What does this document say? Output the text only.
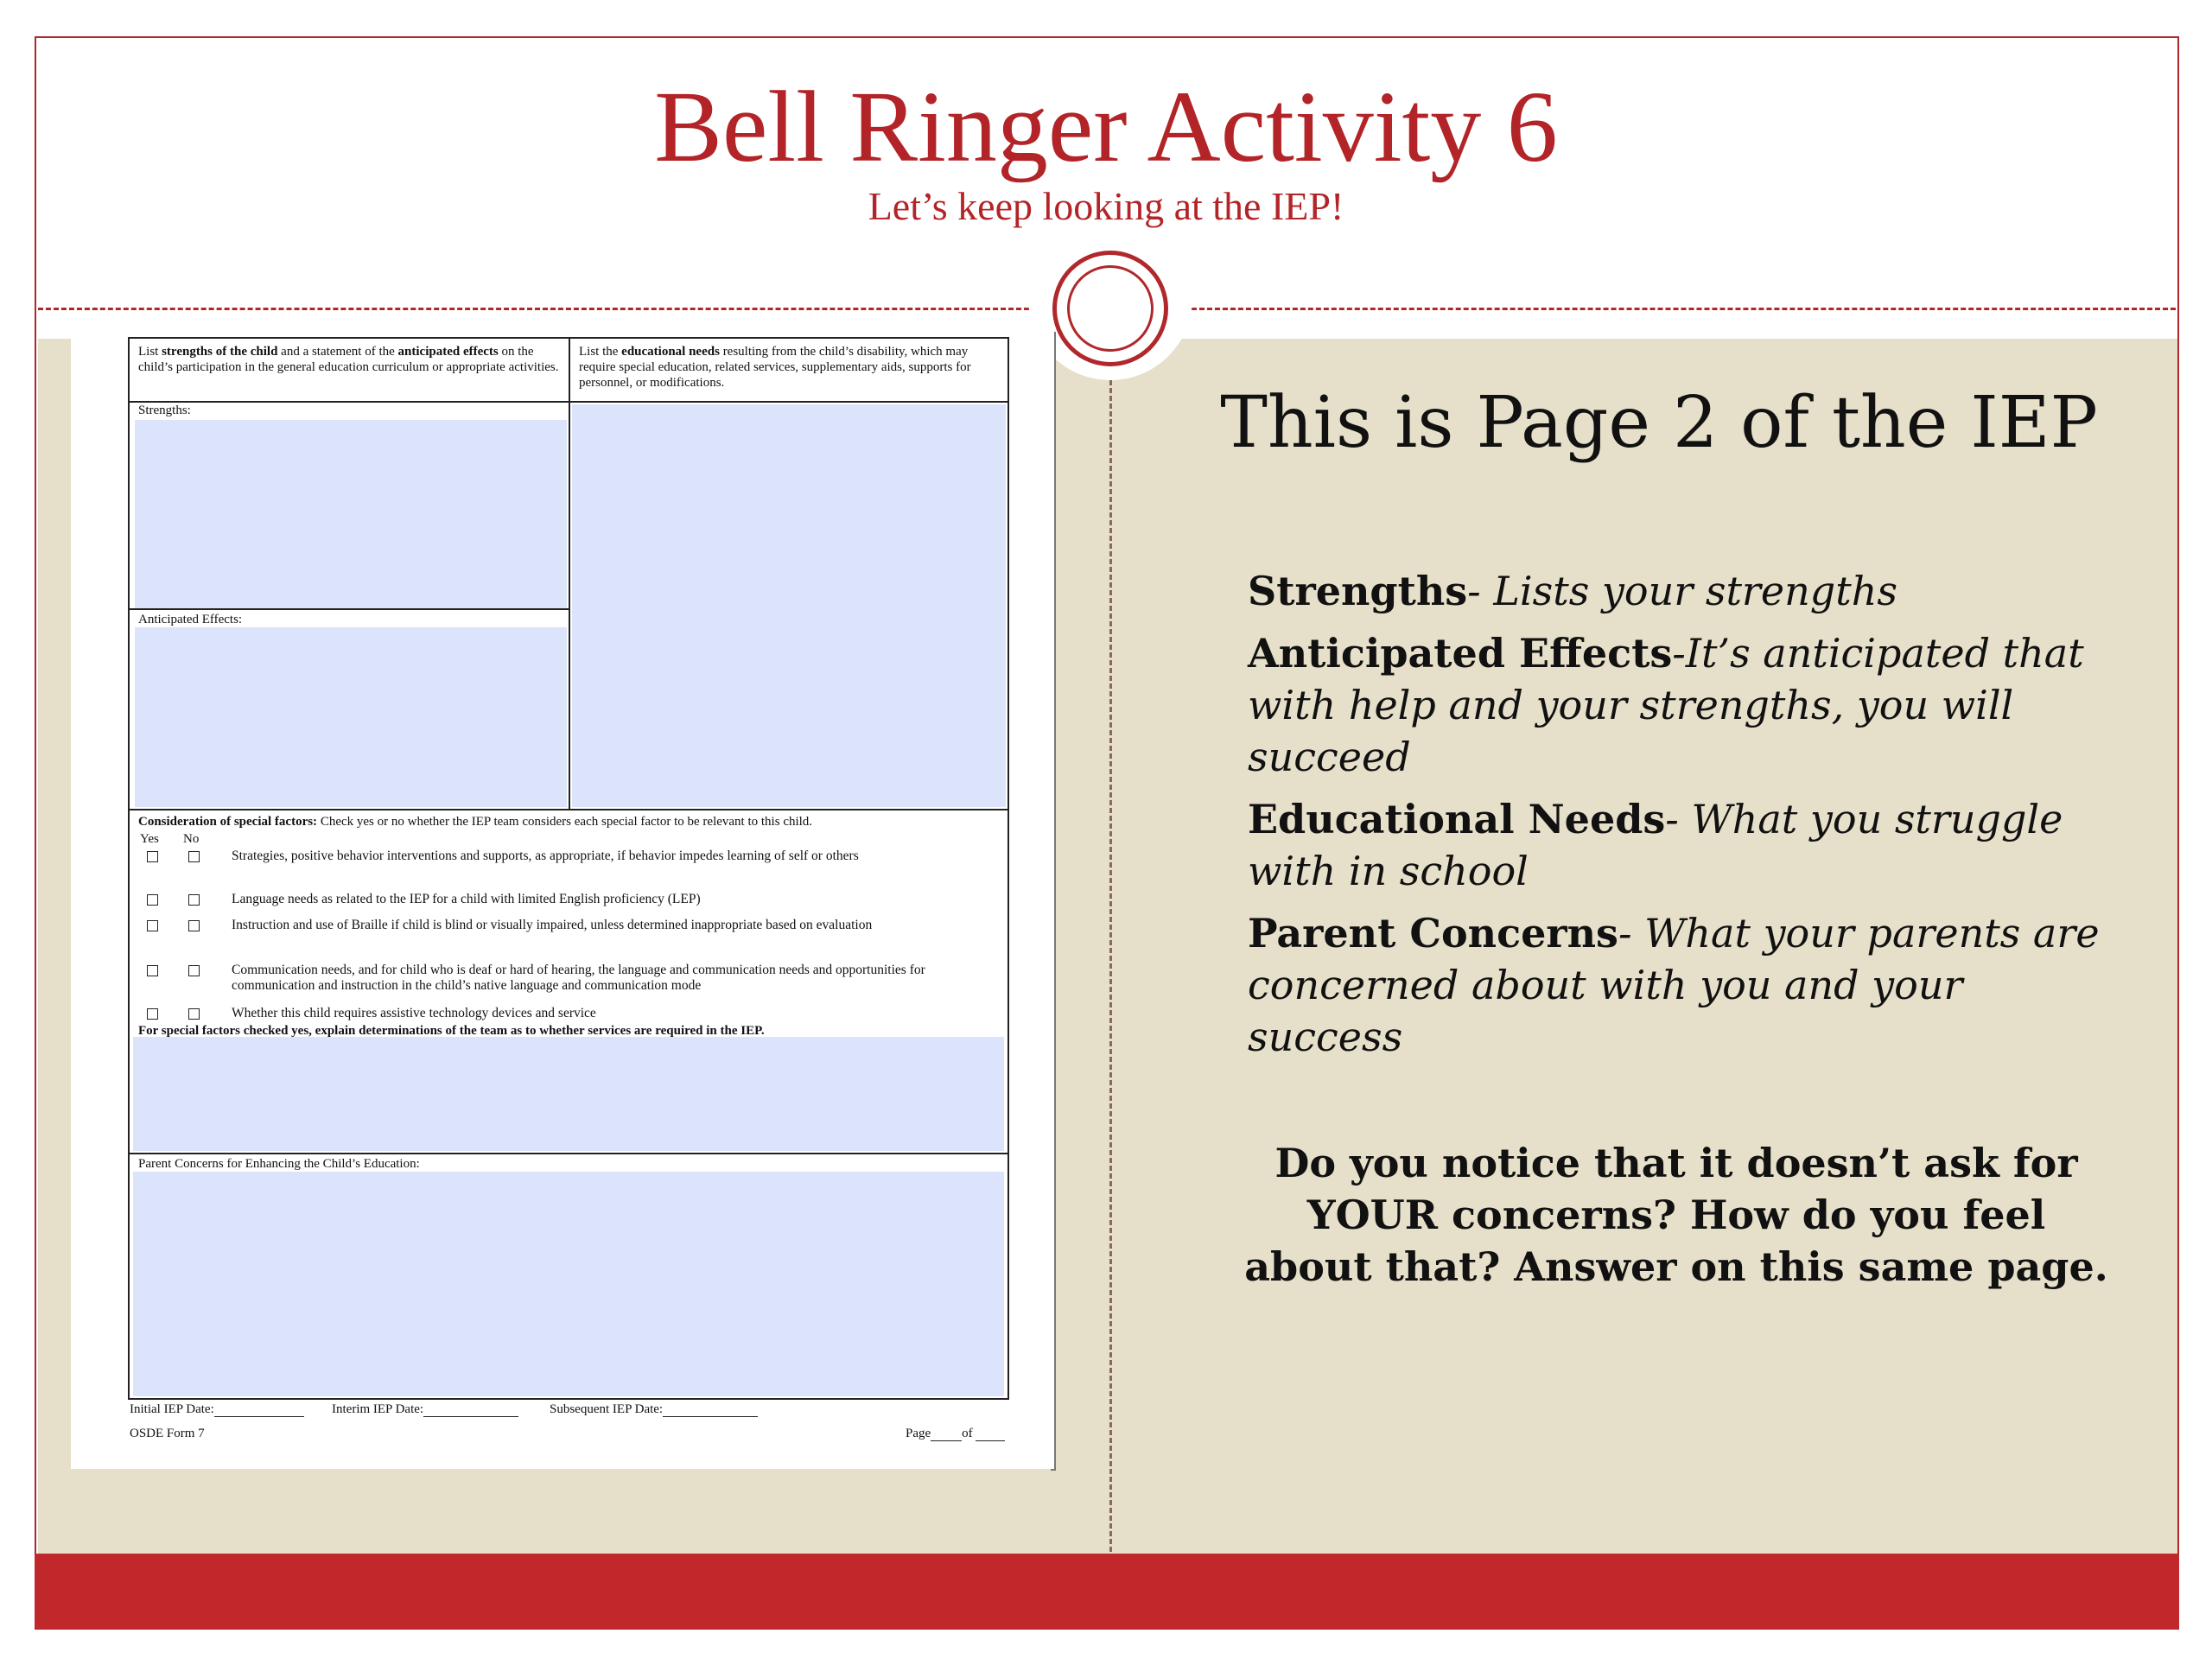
Bell Ringer Activity 6
Let’s keep looking at the IEP!
List strengths of the child and a statement of the anticipated effects on the child’s participation in the general education curriculum or appropriate activities.
List the educational needs resulting from the child’s disability, which may require special education, related services, supplementary aids, supports for personnel, or modifications.
Strengths:
Anticipated Effects:
Consideration of special factors: Check yes or no whether the IEP team considers each special factor to be relevant to this child.
Yes No
Strategies, positive behavior interventions and supports, as appropriate, if behavior impedes learning of self or others
Language needs as related to the IEP for a child with limited English proficiency (LEP)
Instruction and use of Braille if child is blind or visually impaired, unless determined inappropriate based on evaluation
Communication needs, and for child who is deaf or hard of hearing, the language and communication needs and opportunities for communication and instruction in the child’s native language and communication mode
Whether this child requires assistive technology devices and service
For special factors checked yes, explain determinations of the team as to whether services are required in the IEP.
Parent Concerns for Enhancing the Child’s Education:
Initial IEP Date:	Interim IEP Date:	Subsequent IEP Date:
OSDE Form 7	Page of
This is Page 2 of the IEP

Strengths- Lists your strengths

Anticipated Effects-It’s anticipated that with help and your strengths, you will succeed

Educational Needs- What you struggle with in school

Parent Concerns- What your parents are concerned about with you and your success

Do you notice that it doesn’t ask for YOUR concerns? How do you feel about that? Answer on this same page.
